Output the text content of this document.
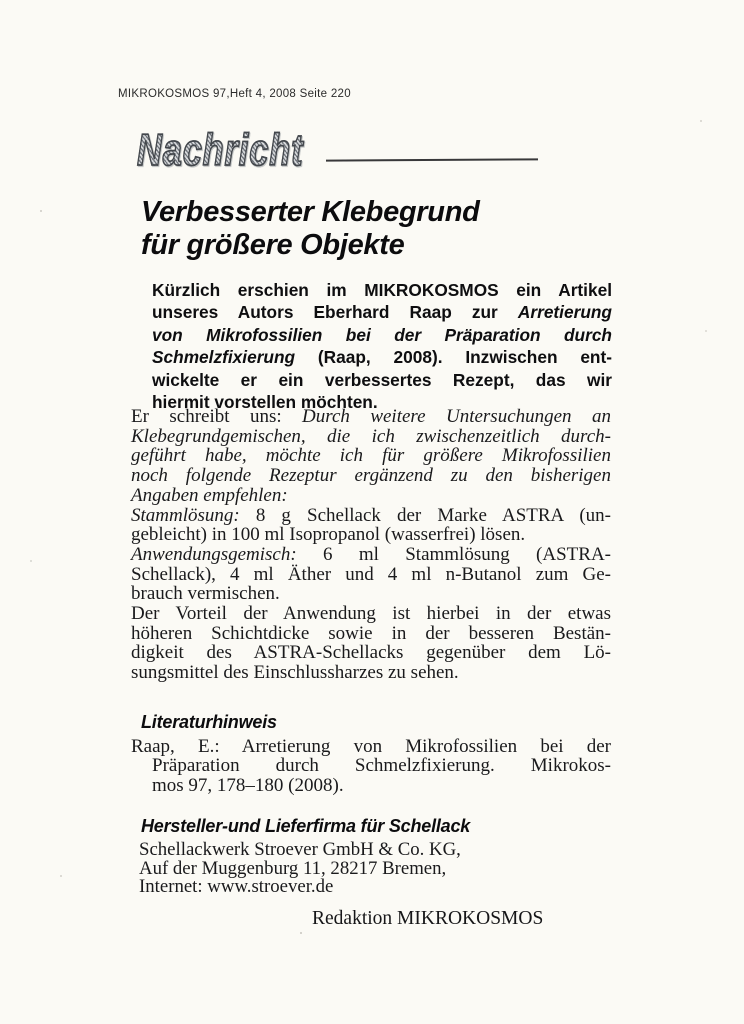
MIKROKOSMOS 97,Heft 4, 2008 Seite 220
Nachricht
Verbesserter Klebegrund
für größere Objekte
Kürzlich erschien im MIKROKOSMOS ein Artikel
unseres Autors Eberhard Raap zur Arretierung
von Mikrofossilien bei der Präparation durch
Schmelzfixierung (Raap, 2008). Inzwischen ent-
wickelte er ein verbessertes Rezept, das wir
hiermit vorstellen möchten.
Er schreibt uns: Durch weitere Untersuchungen an
Klebegrundgemischen, die ich zwischenzeitlich durch-
geführt habe, möchte ich für größere Mikrofossilien
noch folgende Rezeptur ergänzend zu den bisherigen
Angaben empfehlen:
Stammlösung: 8 g Schellack der Marke ASTRA (un-
gebleicht) in 100 ml Isopropanol (wasserfrei) lösen.
Anwendungsgemisch: 6 ml Stammlösung (ASTRA-
Schellack), 4 ml Äther und 4 ml n-Butanol zum Ge-
brauch vermischen.
Der Vorteil der Anwendung ist hierbei in der etwas
höheren Schichtdicke sowie in der besseren Bestän-
digkeit des ASTRA-Schellacks gegenüber dem Lö-
sungsmittel des Einschlussharzes zu sehen.
Literaturhinweis
Raap, E.: Arretierung von Mikrofossilien bei der
Präparation durch Schmelzfixierung. Mikrokos-
mos 97, 178–180 (2008).
Hersteller-und Lieferfirma für Schellack
Schellackwerk Stroever GmbH & Co. KG,
Auf der Muggenburg 11, 28217 Bremen,
Internet: www.stroever.de
Redaktion MIKROKOSMOS
